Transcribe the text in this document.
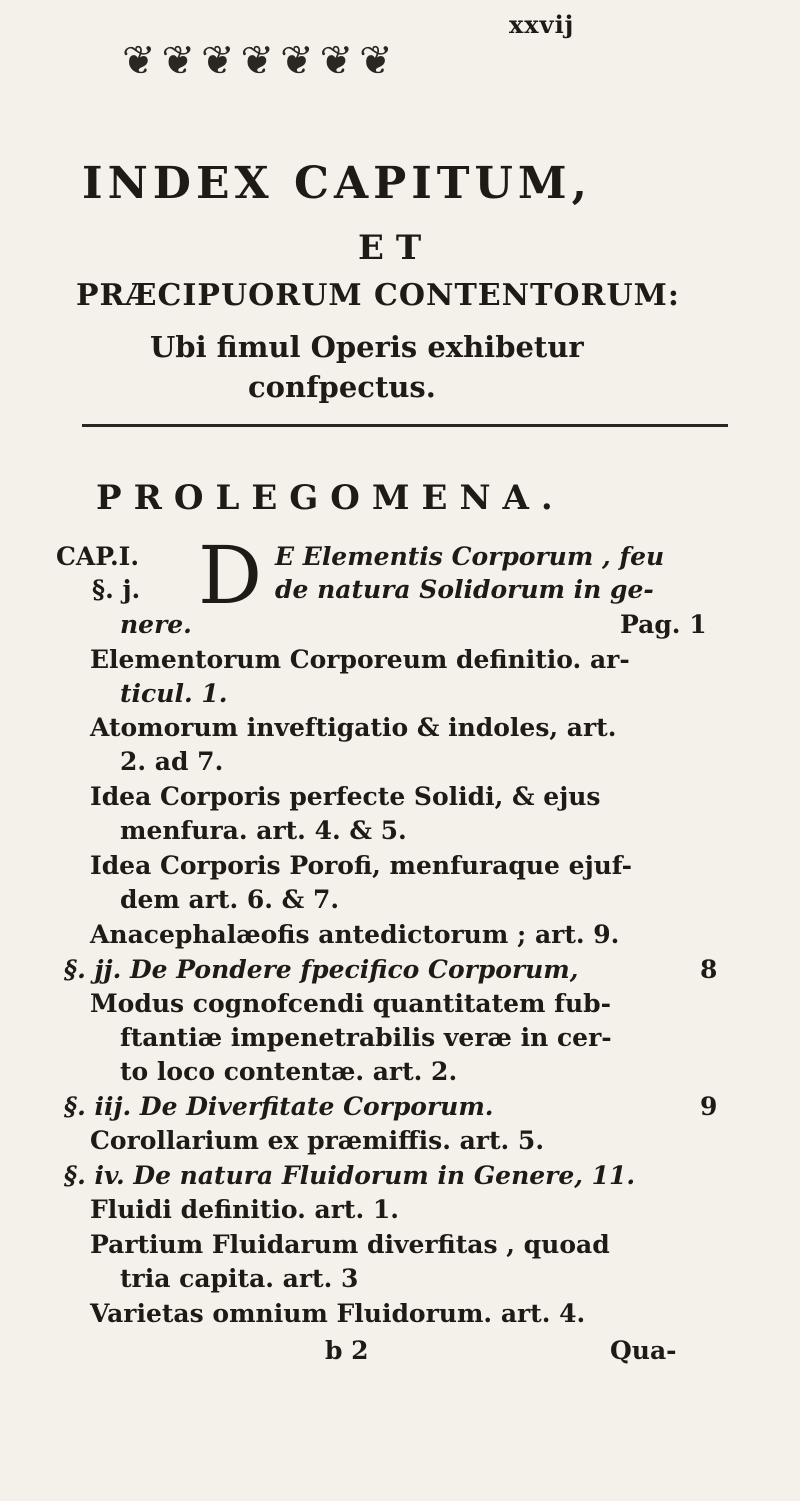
xxvij
❦❦❦❦❦❦❦
INDEX CAPITUM,
ET
PRÆCIPUORUM CONTENTORUM:
Ubi fimul Operis exhibetur
confpectus.
PROLEGOMENA.
CAP.I.
§. j. D E Elementis Corporum , feu
de natura Solidorum in ge-
nere.	Pag. 1
Elementorum Corporeum definitio. ar-
ticul. 1.
Atomorum inveftigatio & indoles, art.
2. ad 7.
Idea Corporis perfecte Solidi, & ejus
menfura. art. 4. & 5.
Idea Corporis Porofi, menfuraque ejuf-
dem art. 6. & 7.
Anacephalæofis antedictorum ; art. 9.
§. jj. De Pondere fpecifico Corporum,	8
Modus cognofcendi quantitatem fub-
ftantiæ impenetrabilis veræ in cer-
to loco contentæ. art. 2.
§. iij. De Diverfitate Corporum.	9
Corollarium ex præmiffis. art. 5.
§. iv. De natura Fluidorum in Genere, 11.
Fluidi definitio. art. 1.
Partium Fluidarum diverfitas , quoad
tria capita. art. 3
Varietas omnium Fluidorum. art. 4.
b 2	Qua-
